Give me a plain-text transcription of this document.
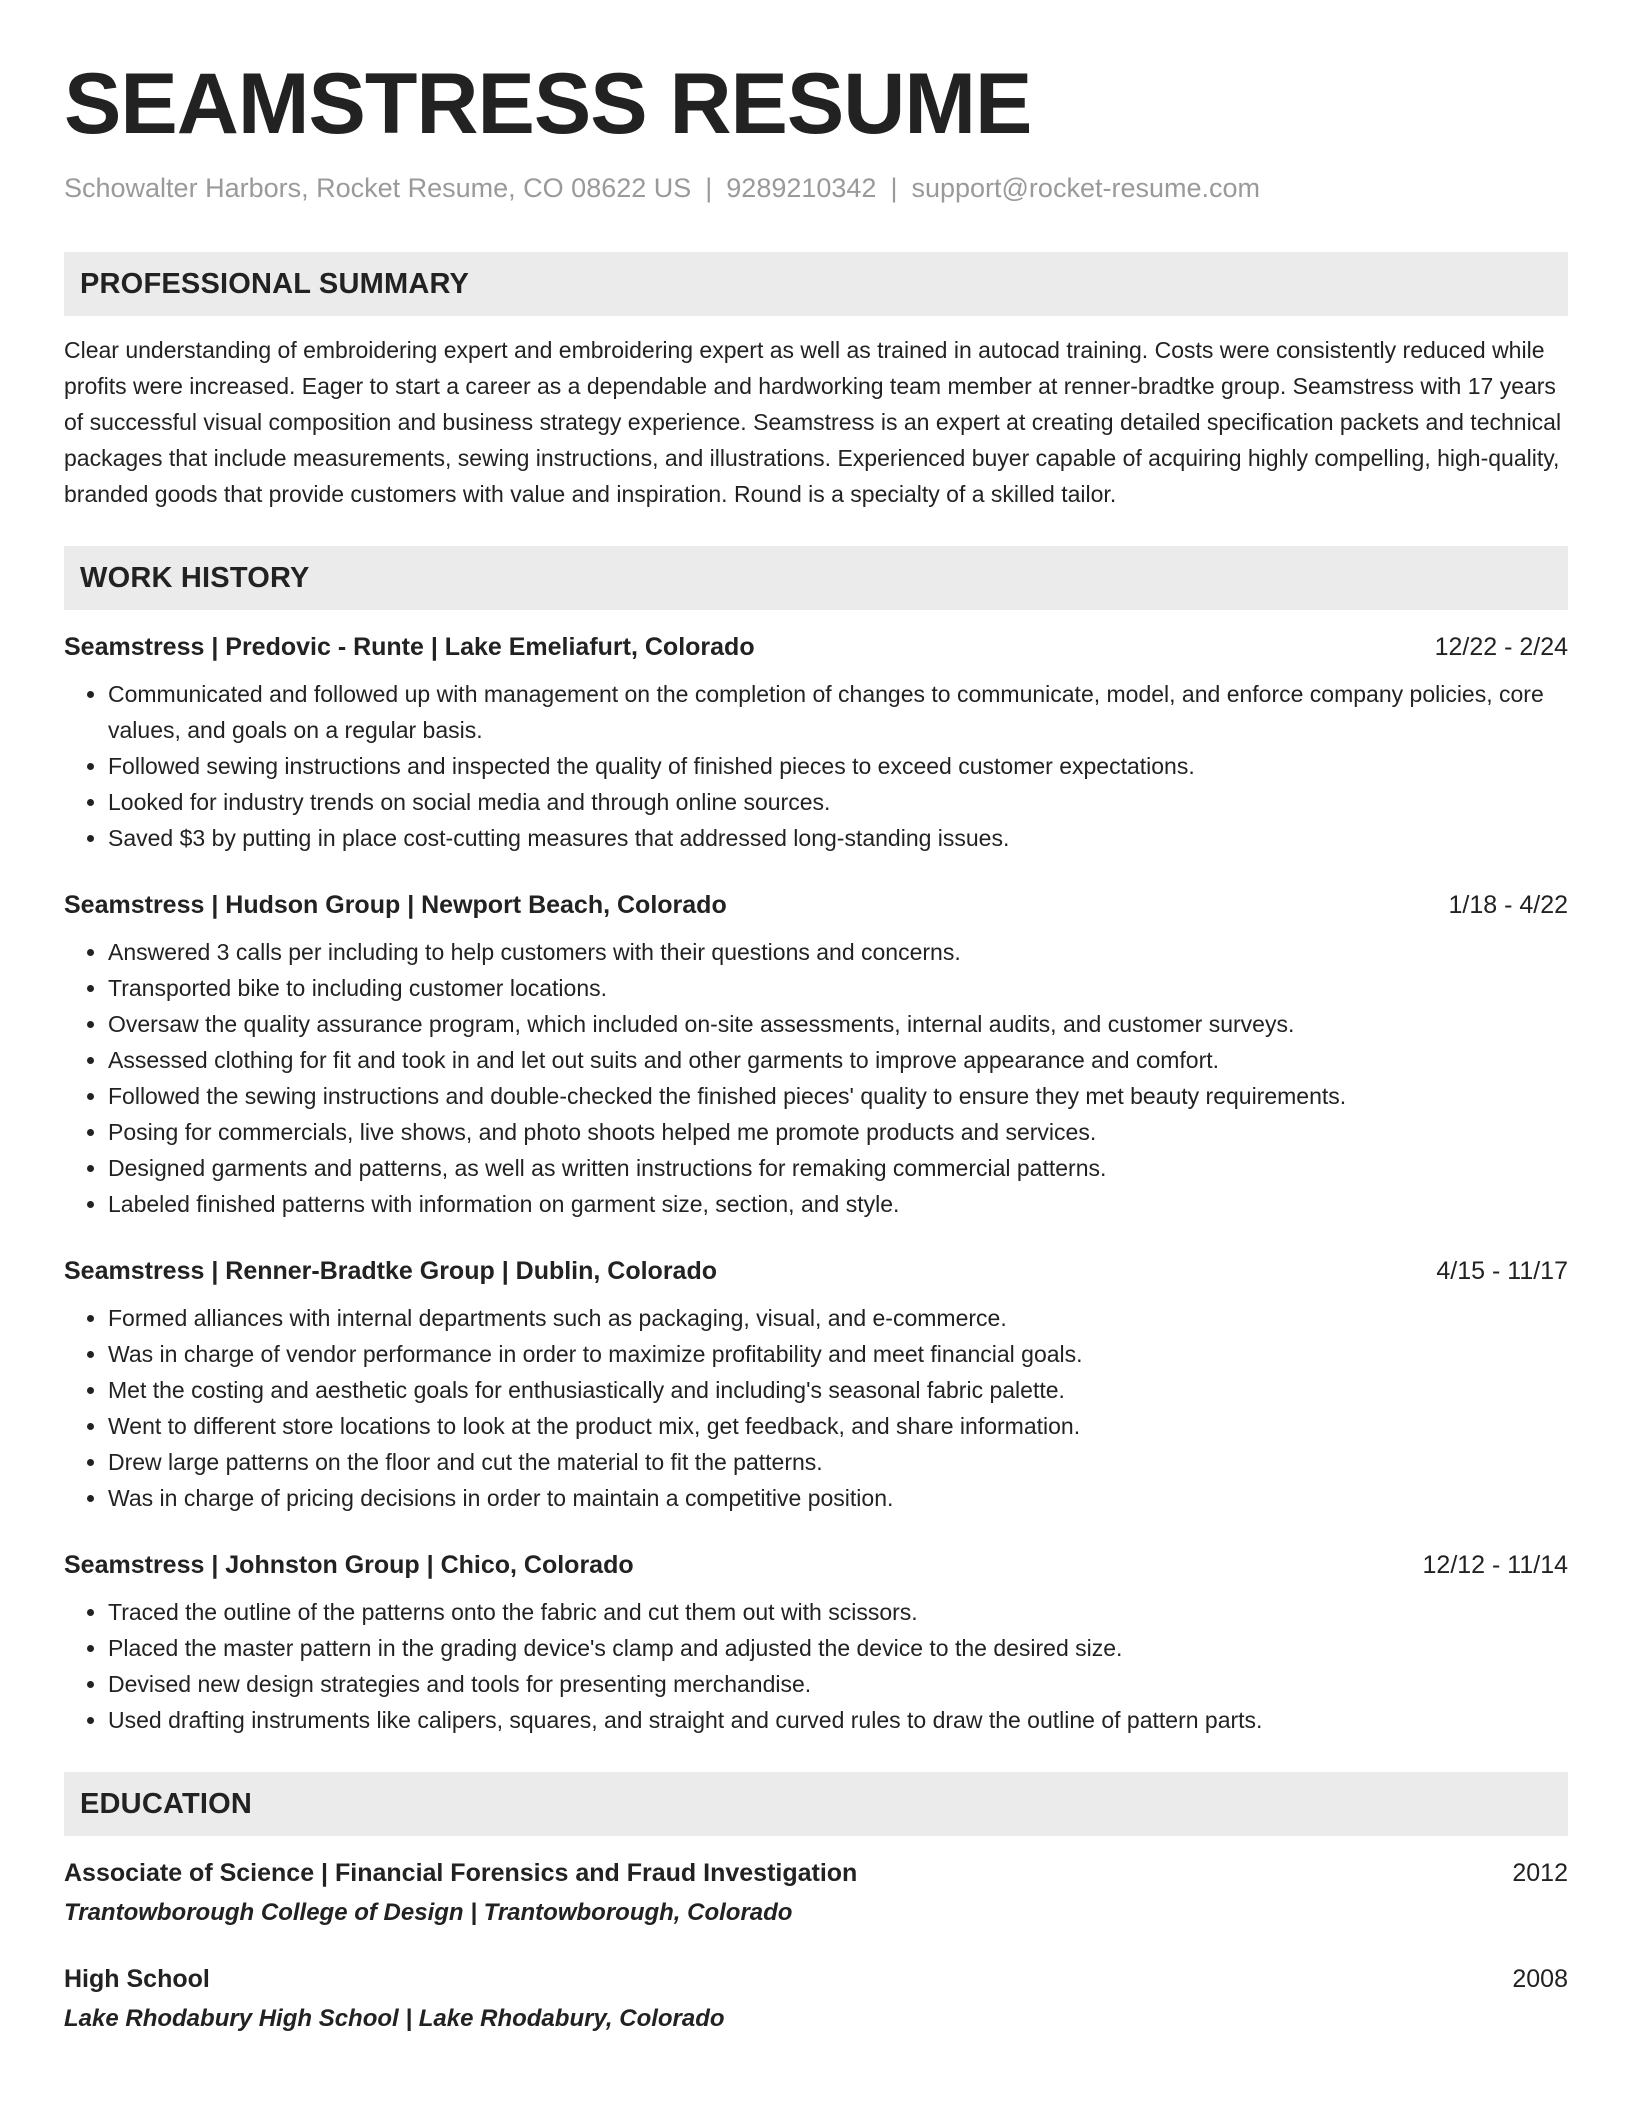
SEAMSTRESS RESUME
Schowalter Harbors, Rocket Resume, CO 08622 US | 9289210342 | support@rocket-resume.com
PROFESSIONAL SUMMARY
Clear understanding of embroidering expert and embroidering expert as well as trained in autocad training. Costs were consistently reduced while profits were increased. Eager to start a career as a dependable and hardworking team member at renner-bradtke group. Seamstress with 17 years of successful visual composition and business strategy experience. Seamstress is an expert at creating detailed specification packets and technical packages that include measurements, sewing instructions, and illustrations. Experienced buyer capable of acquiring highly compelling, high-quality, branded goods that provide customers with value and inspiration. Round is a specialty of a skilled tailor.
WORK HISTORY
Seamstress | Predovic - Runte | Lake Emeliafurt, Colorado	12/22 - 2/24
• Communicated and followed up with management on the completion of changes to communicate, model, and enforce company policies, core values, and goals on a regular basis.
• Followed sewing instructions and inspected the quality of finished pieces to exceed customer expectations.
• Looked for industry trends on social media and through online sources.
• Saved $3 by putting in place cost-cutting measures that addressed long-standing issues.
Seamstress | Hudson Group | Newport Beach, Colorado	1/18 - 4/22
• Answered 3 calls per including to help customers with their questions and concerns.
• Transported bike to including customer locations.
• Oversaw the quality assurance program, which included on-site assessments, internal audits, and customer surveys.
• Assessed clothing for fit and took in and let out suits and other garments to improve appearance and comfort.
• Followed the sewing instructions and double-checked the finished pieces' quality to ensure they met beauty requirements.
• Posing for commercials, live shows, and photo shoots helped me promote products and services.
• Designed garments and patterns, as well as written instructions for remaking commercial patterns.
• Labeled finished patterns with information on garment size, section, and style.
Seamstress | Renner-Bradtke Group | Dublin, Colorado	4/15 - 11/17
• Formed alliances with internal departments such as packaging, visual, and e-commerce.
• Was in charge of vendor performance in order to maximize profitability and meet financial goals.
• Met the costing and aesthetic goals for enthusiastically and including's seasonal fabric palette.
• Went to different store locations to look at the product mix, get feedback, and share information.
• Drew large patterns on the floor and cut the material to fit the patterns.
• Was in charge of pricing decisions in order to maintain a competitive position.
Seamstress | Johnston Group | Chico, Colorado	12/12 - 11/14
• Traced the outline of the patterns onto the fabric and cut them out with scissors.
• Placed the master pattern in the grading device's clamp and adjusted the device to the desired size.
• Devised new design strategies and tools for presenting merchandise.
• Used drafting instruments like calipers, squares, and straight and curved rules to draw the outline of pattern parts.
EDUCATION
Associate of Science | Financial Forensics and Fraud Investigation	2012
Trantowborough College of Design | Trantowborough, Colorado
High School	2008
Lake Rhodabury High School | Lake Rhodabury, Colorado
